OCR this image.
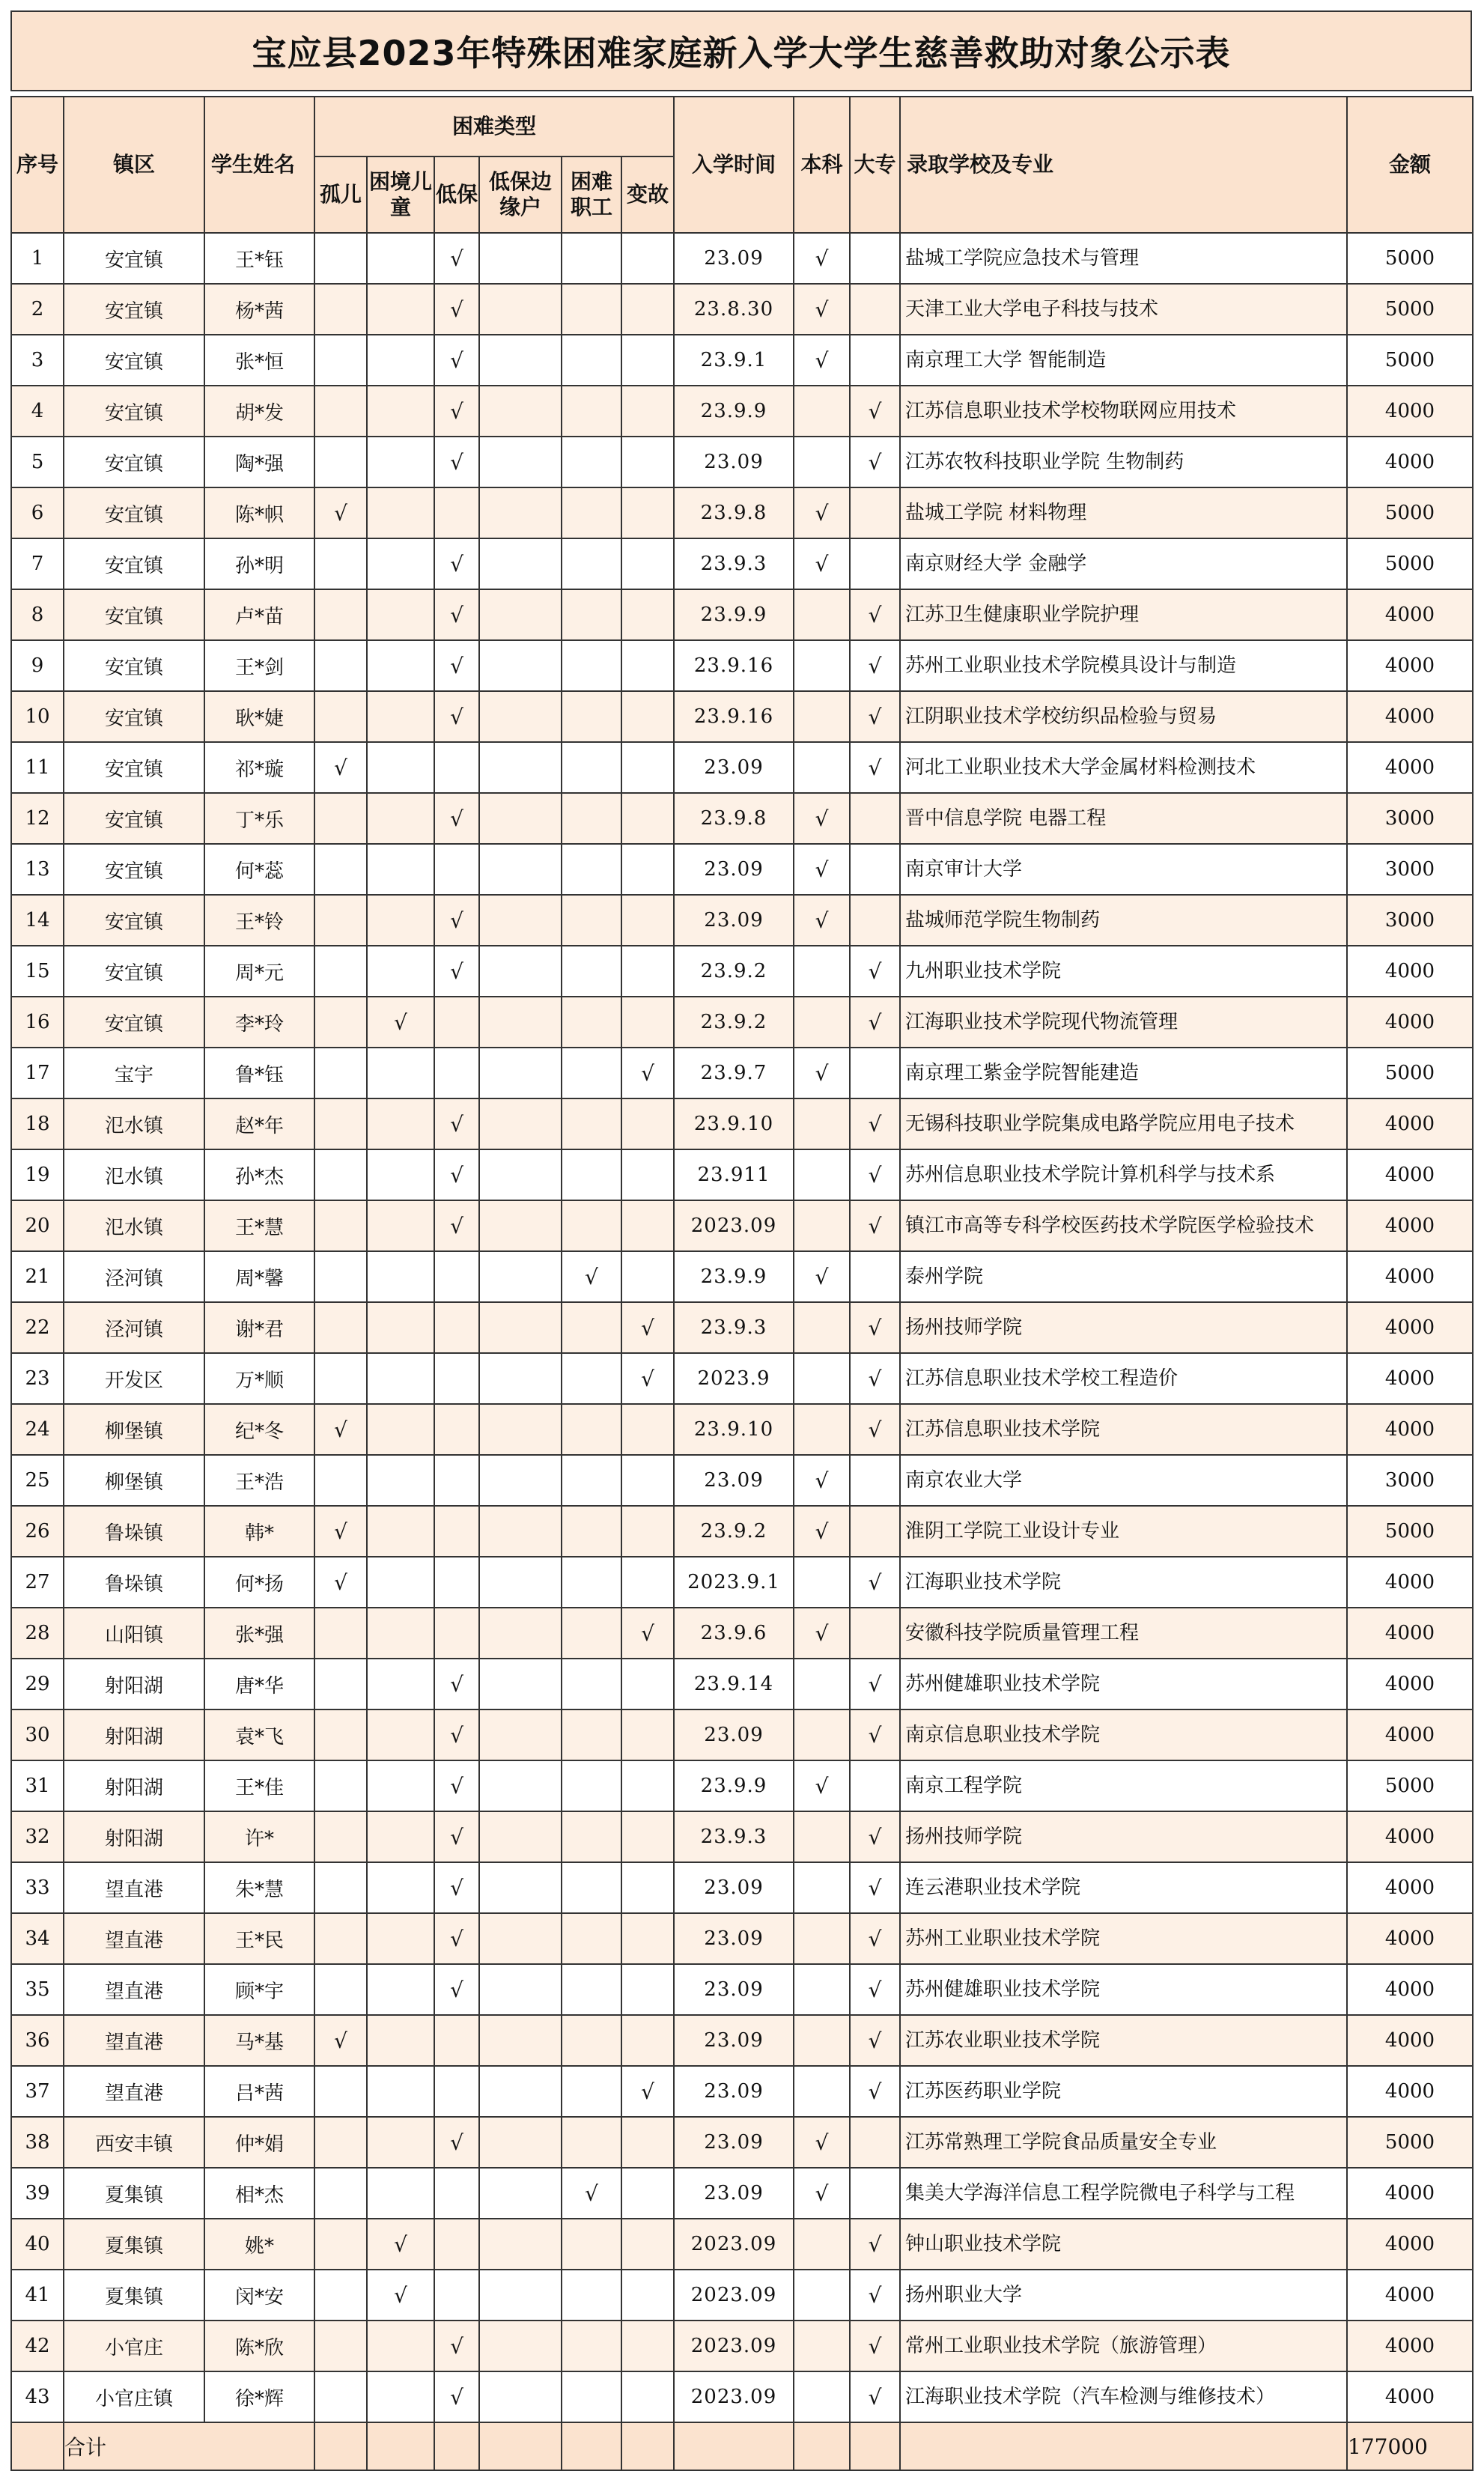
宝应县2023年特殊困难家庭新入学大学生慈善救助对象公示表
序号	镇区	学生姓名	困难类型						入学时间	本科	大专	录取学校及专业	金额
			孤儿	困境儿童	低保	低保边缘户	困难职工	变故					
1	安宜镇	王*钰			√				23.09	√		盐城工学院应急技术与管理	5000
2	安宜镇	杨*茜			√				23.8.30	√		天津工业大学电子科技与技术	5000
3	安宜镇	张*恒			√				23.9.1	√		南京理工大学 智能制造	5000
4	安宜镇	胡*发			√				23.9.9		√	江苏信息职业技术学校物联网应用技术	4000
5	安宜镇	陶*强			√				23.09		√	江苏农牧科技职业学院 生物制药	4000
6	安宜镇	陈*帜	√						23.9.8	√		盐城工学院 材料物理	5000
7	安宜镇	孙*明			√				23.9.3	√		南京财经大学 金融学	5000
8	安宜镇	卢*苗			√				23.9.9		√	江苏卫生健康职业学院护理	4000
9	安宜镇	王*剑			√				23.9.16		√	苏州工业职业技术学院模具设计与制造	4000
10	安宜镇	耿*婕			√				23.9.16		√	江阴职业技术学校纺织品检验与贸易	4000
11	安宜镇	祁*璇	√						23.09		√	河北工业职业技术大学金属材料检测技术	4000
12	安宜镇	丁*乐			√				23.9.8	√		晋中信息学院 电器工程	3000
13	安宜镇	何*蕊							23.09	√		南京审计大学	3000
14	安宜镇	王*铃			√				23.09	√		盐城师范学院生物制药	3000
15	安宜镇	周*元			√				23.9.2		√	九州职业技术学院	4000
16	安宜镇	李*玲		√					23.9.2		√	江海职业技术学院现代物流管理	4000
17	宝宇	鲁*钰						√	23.9.7	√		南京理工紫金学院智能建造	5000
18	氾水镇	赵*年			√				23.9.10		√	无锡科技职业学院集成电路学院应用电子技术	4000
19	氾水镇	孙*杰			√				23.911		√	苏州信息职业技术学院计算机科学与技术系	4000
20	氾水镇	王*慧			√				2023.09		√	镇江市高等专科学校医药技术学院医学检验技术	4000
21	泾河镇	周*馨					√		23.9.9	√		泰州学院	4000
22	泾河镇	谢*君						√	23.9.3		√	扬州技师学院	4000
23	开发区	万*顺						√	2023.9		√	江苏信息职业技术学校工程造价	4000
24	柳堡镇	纪*冬	√						23.9.10		√	江苏信息职业技术学院	4000
25	柳堡镇	王*浩							23.09	√		南京农业大学	3000
26	鲁垛镇	韩*	√						23.9.2	√		淮阴工学院工业设计专业	5000
27	鲁垛镇	何*扬	√						2023.9.1		√	江海职业技术学院	4000
28	山阳镇	张*强						√	23.9.6	√		安徽科技学院质量管理工程	4000
29	射阳湖	唐*华			√				23.9.14		√	苏州健雄职业技术学院	4000
30	射阳湖	袁*飞			√				23.09		√	南京信息职业技术学院	4000
31	射阳湖	王*佳			√				23.9.9	√		南京工程学院	5000
32	射阳湖	许*			√				23.9.3		√	扬州技师学院	4000
33	望直港	朱*慧			√				23.09		√	连云港职业技术学院	4000
34	望直港	王*民			√				23.09		√	苏州工业职业技术学院	4000
35	望直港	顾*宇			√				23.09		√	苏州健雄职业技术学院	4000
36	望直港	马*基	√						23.09		√	江苏农业职业技术学院	4000
37	望直港	吕*茜						√	23.09		√	江苏医药职业学院	4000
38	西安丰镇	仲*娟			√				23.09	√		江苏常熟理工学院食品质量安全专业	5000
39	夏集镇	相*杰					√		23.09	√		集美大学海洋信息工程学院微电子科学与工程	4000
40	夏集镇	姚*		√					2023.09		√	钟山职业技术学院	4000
41	夏集镇	闵*安		√					2023.09		√	扬州职业大学	4000
42	小官庄	陈*欣			√				2023.09		√	常州工业职业技术学院（旅游管理）	4000
43	小官庄镇	徐*辉			√				2023.09		√	江海职业技术学院（汽车检测与维修技术）	4000
	合计												177000
